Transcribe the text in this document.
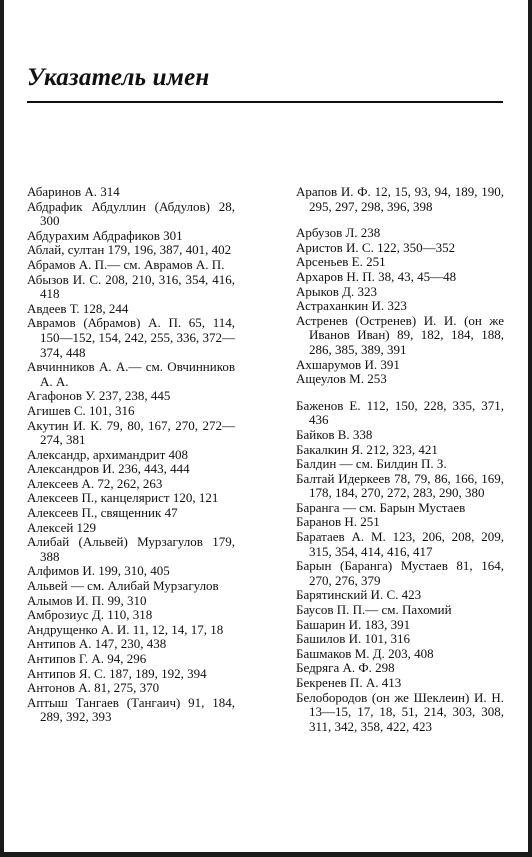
Указатель имен

Абаринов А. 314

Абдрафик Абдуллин (Абдулов) 28, 300

Абдурахим Абдрафиков 301

Аблай, султан 179, 196, 387, 401, 402

Абрамов А. П.— см. Аврамов А. П.

Абызов И. С. 208, 210, 316, 354, 416, 418

Авдеев Т. 128, 244

Аврамов (Абрамов) А. П. 65, 114, 150—152, 154, 242, 255, 336, 372—374, 448

Авчинников А. А.— см. Овчинников А. А.

Агафонов У. 237, 238, 445

Агишев С. 101, 316

Акутин И. К. 79, 80, 167, 270, 272—274, 381

Александр, архимандрит 408

Александров И. 236, 443, 444

Алексеев А. 72, 262, 263

Алексеев П., канцелярист 120, 121

Алексеев П., священник 47

Алексей 129

Алибай (Альвей) Мурзагулов 179, 388

Алфимов И. 199, 310, 405

Альвей — см. Алибай Мурзагулов

Алымов И. П. 99, 310

Амброзиус Д. 110, 318

Андрущенко А. И. 11, 12, 14, 17, 18

Антипов А. 147, 230, 438

Антипов Г. А. 94, 296

Антипов Я. С. 187, 189, 192, 394

Антонов А. 81, 275, 370

Аптыш Тангаев (Тангаич) 91, 184, 289, 392, 393

Арапов И. Ф. 12, 15, 93, 94, 189, 190, 295, 297, 298, 396, 398

Арбузов Л. 238

Аристов И. С. 122, 350—352

Арсеньев Е. 251

Архаров Н. П. 38, 43, 45—48

Арыков Д. 323

Астраханкин И. 323

Астренев (Остренев) И. И. (он же Иванов Иван) 89, 182, 184, 188, 286, 385, 389, 391

Ахшарумов И. 391

Ащеулов М. 253

Баженов Е. 112, 150, 228, 335, 371, 436

Байков В. 338

Бакалкин Я. 212, 323, 421

Балдин — см. Билдин П. З.

Балтай Идеркеев 78, 79, 86, 166, 169, 178, 184, 270, 272, 283, 290, 380

Баранга — см. Барын Мустаев

Баранов Н. 251

Баратаев А. М. 123, 206, 208, 209, 315, 354, 414, 416, 417

Барын (Баранга) Мустаев 81, 164, 270, 276, 379

Барятинский И. С. 423

Баусов П. П.— см. Пахомий

Башарин И. 183, 391

Башилов И. 101, 316

Башмаков М. Д. 203, 408

Бедряга А. Ф. 298

Бекренев П. А. 413

Белобородов (он же Шеклеин) И. Н. 13—15, 17, 18, 51, 214, 303, 308, 311, 342, 358, 422, 423
